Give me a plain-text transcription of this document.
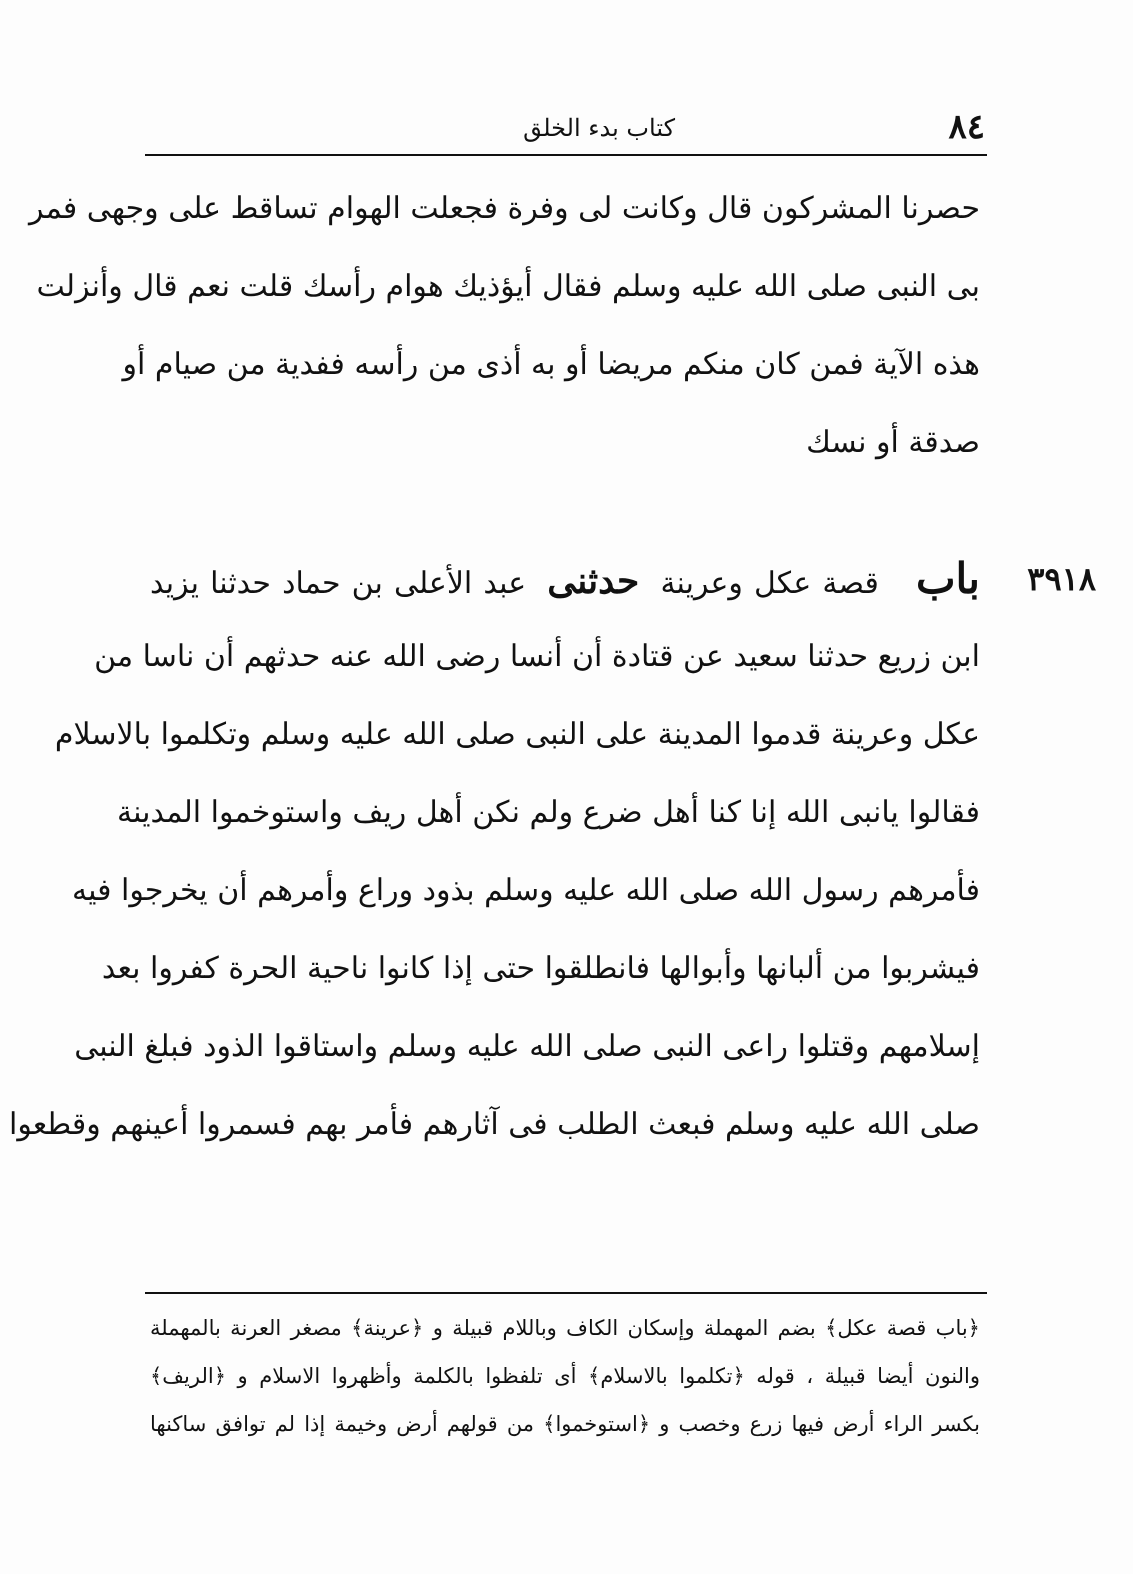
٨٤
كتاب بدء الخلق
حصرنا المشركون قال وكانت لى وفرة فجعلت الهوام تساقط على وجهى فمر
بى النبى صلى الله عليه وسلم فقال أيؤذيك هوام رأسك قلت نعم قال وأنزلت
هذه الآية فمن كان منكم مريضا أو به أذى من رأسه ففدية من صيام أو
صدقة أو نسك
٣٩١٨
باب قصة عكل وعرينة حدثنى عبد الأعلى بن حماد حدثنا يزيد
ابن زريع حدثنا سعيد عن قتادة أن أنسا رضى الله عنه حدثهم أن ناسا من
عكل وعرينة قدموا المدينة على النبى صلى الله عليه وسلم وتكلموا بالاسلام
فقالوا يانبى الله إنا كنا أهل ضرع ولم نكن أهل ريف واستوخموا المدينة
فأمرهم رسول الله صلى الله عليه وسلم بذود وراع وأمرهم أن يخرجوا فيه
فيشربوا من ألبانها وأبوالها فانطلقوا حتى إذا كانوا ناحية الحرة كفروا بعد
إسلامهم وقتلوا راعى النبى صلى الله عليه وسلم واستاقوا الذود فبلغ النبى
صلى الله عليه وسلم فبعث الطلب فى آثارهم فأمر بهم فسمروا أعينهم وقطعوا
﴿باب قصة عكل﴾ بضم المهملة وإسكان الكاف وباللام قبيلة و ﴿عرينة﴾ مصغر العرنة بالمهملة
والنون أيضا قبيلة ، قوله ﴿تكلموا بالاسلام﴾ أى تلفظوا بالكلمة وأظهروا الاسلام و ﴿الريف﴾
بكسر الراء أرض فيها زرع وخصب و ﴿استوخموا﴾ من قولهم أرض وخيمة إذا لم توافق ساكنها
